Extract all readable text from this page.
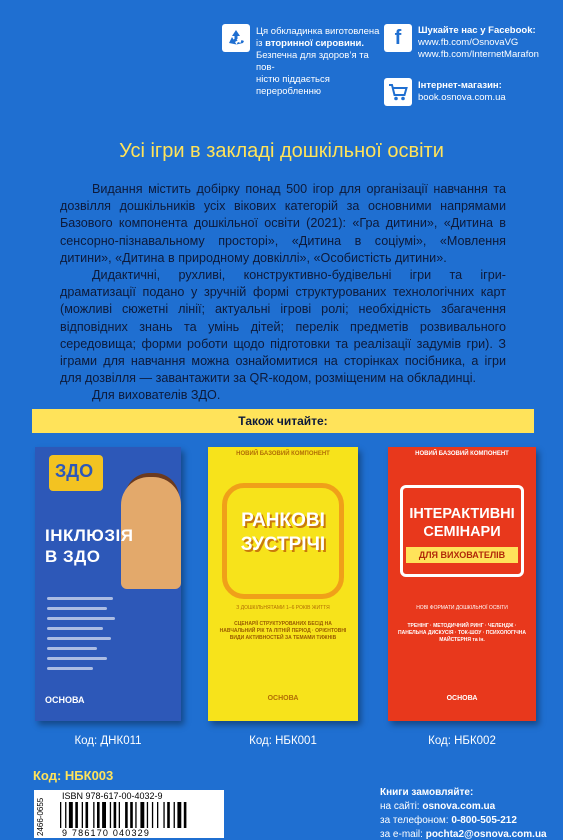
Ця обкладинка виготовлена
із вторинної сировини.
Безпечна для здоров’я та пов-
ністю піддається переробленню
f Шукайте нас у Facebook:
www.fb.com/OsnovaVG
www.fb.com/InternetMarafon
Інтернет-магазин:
book.osnova.com.ua
Усі ігри в закладі дошкільної освіти

Видання містить добірку понад 500 ігор для організації навчання та дозвілля дошкільників усіх вікових категорій за основними напрямами Базового компонента дошкільної освіти (2021): «Гра дитини», «Дитина в сенсорно-пізнавальному просторі», «Дитина в соціумі», «Мовлення дитини», «Дитина в природному довкіллі», «Особистість дитини».

Дидактичні, рухливі, конструктивно-будівельні ігри та ігри-драматизації подано у зручній формі структурованих технологічних карт (можливі сюжетні лінії; актуальні ігрові ролі; необхідність збагачення відповідних знань та умінь дітей; перелік предметів розвивального середовища; форми роботи щодо підготовки та реалізації задумів гри). З іграми для навчання можна ознайомитися на сторінках посібника, а ігри для дозвілля — завантажити за QR-кодом, розміщеним на обкладинці.

Для вихователів ЗДО.

Також читайте:
ЗДО
ІНКЛЮЗІЯ
В ЗДО
ОСНОВА
Код: ДНК011
НОВИЙ БАЗОВИЙ КОМПОНЕНТ
РАНКОВІ
ЗУСТРІЧІ
З ДОШКІЛЬНЯТАМИ 1–6 РОКІВ ЖИТТЯ
СЦЕНАРІЇ СТРУКТУРОВАНИХ БЕСІД НА НАВЧАЛЬНИЙ РІК ТА ЛІТНІЙ ПЕРІОД · ОРІЄНТОВНІ ВИДИ АКТИВНОСТЕЙ ЗА ТЕМАМИ ТИЖНІВ
ОСНОВА
Код: НБК001
НОВИЙ БАЗОВИЙ КОМПОНЕНТ
ІНТЕРАКТИВНІ
СЕМІНАРИ
ДЛЯ ВИХОВАТЕЛІВ
НОВІ ФОРМАТИ ДОШКІЛЬНОЇ ОСВІТИ
ТРЕНІНГ · МЕТОДИЧНИЙ РИНГ · ЧЕЛЕНДЖ · ПАНЕЛЬНА ДИСКУСІЯ · ТОК-ШОУ · ПСИХОЛОГІЧНА МАЙСТЕРНЯ та ін.
ОСНОВА
Код: НБК002
Код: НБК003
2466-0655
ISBN 978-617-00-4032-9
9 786170 040329
Книги замовляйте:
на сайті: osnova.com.ua
за телефоном: 0-800-505-212
за e-mail: pochta2@osnova.com.ua
